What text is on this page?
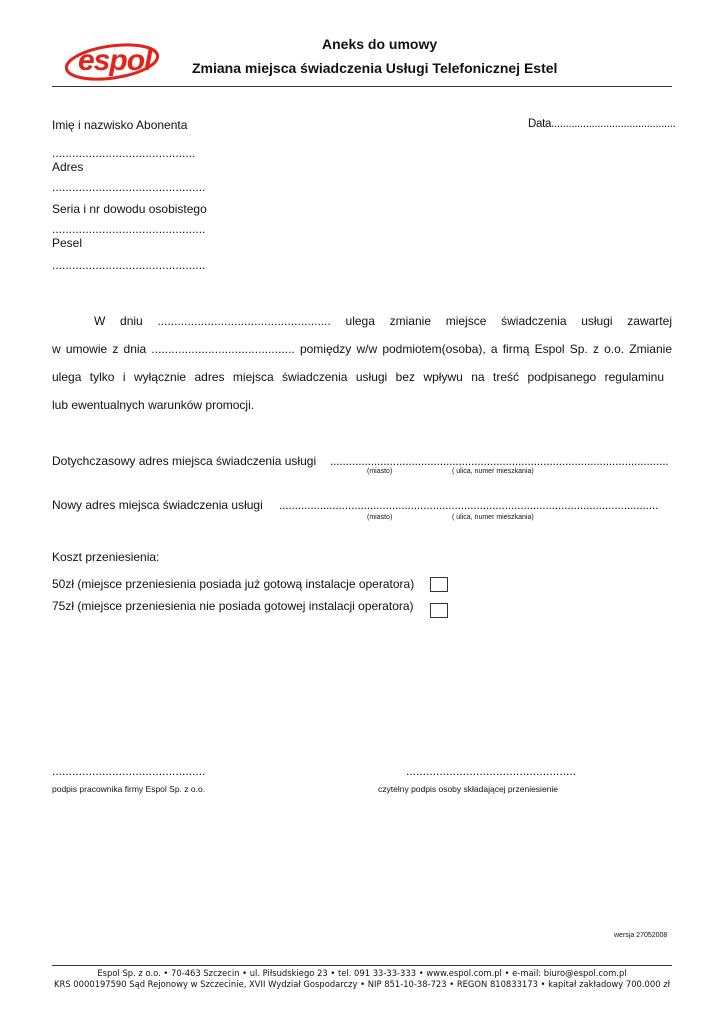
espol	Aneks do umowy
Zmiana miejsca świadczenia Usługi Telefonicznej Estel
Imię i nazwisko Abonenta	Data...........................................
...........................................
Adres
..............................................
Seria i nr dowodu osobistego
..............................................
Pesel
..............................................
W dniu .................................................... ulega zmianie miejsce świadczenia usługi zawartej
w umowie z dnia ........................................... pomiędzy w/w podmiotem(osoba), a firmą Espol Sp. z o.o. Zmianie
ulega tylko i wyłącznie adres miejsca świadczenia usługi bez wpływu na treść podpisanego regulaminu
lub ewentualnych warunków promocji.
Dotychczasowy adres miejsca świadczenia usługi ............................................................................................................
(miasto)	( ulica, numer mieszkania)
Nowy adres miejsca świadczenia usługi .........................................................................................................................
(miasto)	( ulica, numer mieszkania)
Koszt przeniesienia:
50zł (miejsce przeniesienia posiada już gotową instalacje operatora)
75zł (miejsce przeniesienia nie posiada gotowej instalacji operatora)
..............................................	...................................................
podpis pracownika firmy Espol Sp. z o.o.	czytelny podpis osoby składającej przeniesienie
wersja 27052008
Espol Sp. z o.o. • 70-463 Szczecin • ul. Piłsudskiego 23 • tel. 091 33-33-333 • www.espol.com.pl • e-mail: biuro@espol.com.pl
KRS 0000197590 Sąd Rejonowy w Szczecinie, XVII Wydział Gospodarczy • NIP 851-10-38-723 • REGON 810833173 • kapitał zakładowy 700.000 zł
